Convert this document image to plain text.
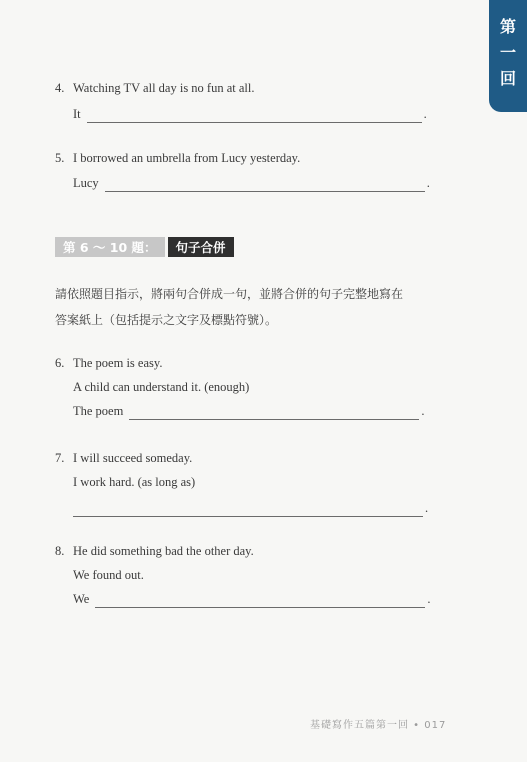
第
一
回
4. Watching TV all day is no fun at all.
It	.
5. I borrowed an umbrella from Lucy yesterday.
Lucy	.
第 6 ～ 10 題：	句子合併
請依照題目指示，將兩句合併成一句，並將合併的句子完整地寫在
答案紙上（包括提示之文字及標點符號）。
6. The poem is easy.
A child can understand it. (enough)
The poem	.
7. I will succeed someday.
I work hard. (as long as)
.
8. He did something bad the other day.
We found out.
We	.
基礎寫作五篇第一回 • 017
